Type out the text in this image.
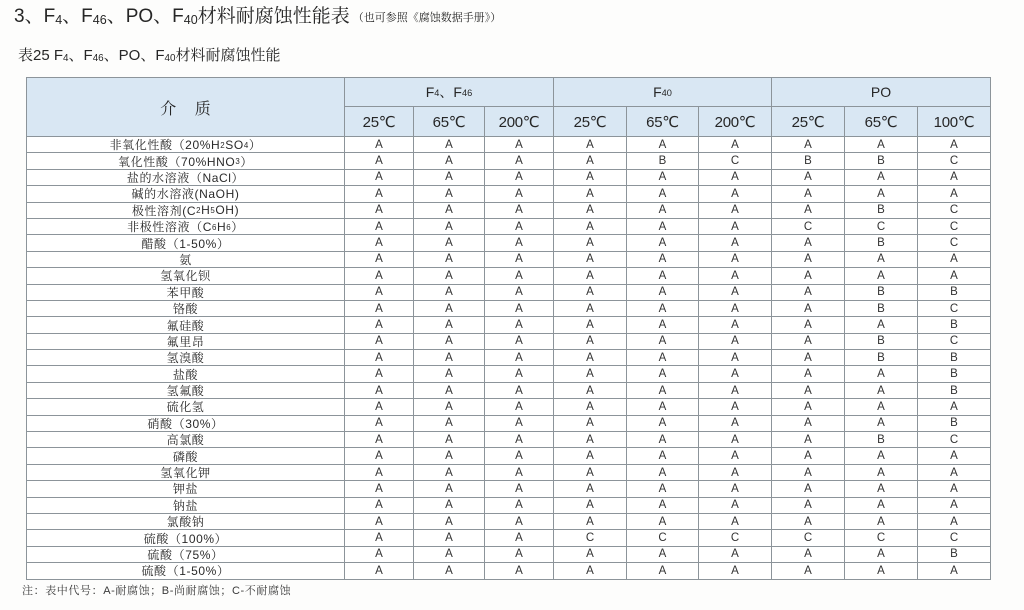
3、$F_4$、$F_{46}$、PO、$F_{40}$材料耐腐蚀性能表 （也可参照《腐蚀数据手册》）
表25 $F_4$、$F_{46}$、PO、$F_{40}$材料耐腐蚀性能
介 质
$F_4$ 、$F_{46}$	$F_{40}$	PO
25℃	65℃	200℃	25℃	65℃	200℃	25℃	65℃	100℃
非氧化性酸（$20\%H_2$ $SO_4$ ）	A	A	A	A	A	A	A	A	A
氧化性酸（$70\%HNO_3$ ）	A	A	A	A	B	C	B	B	C
盐的水溶液（NaCl）	A	A	A	A	A	A	A	A	A
碱的水溶液(NaOH)	A	A	A	A	A	A	A	A	A
极性溶剂($C_2$ $H_5$ OH)	A	A	A	A	A	A	A	B	C
非极性溶液（$C_6$ $H_6$ ）	A	A	A	A	A	A	C	C	C
醋酸（1-50%）	A	A	A	A	A	A	A	B	C
氨	A	A	A	A	A	A	A	A	A
氢氧化钡	A	A	A	A	A	A	A	A	A
苯甲酸	A	A	A	A	A	A	A	B	B
铬酸	A	A	A	A	A	A	A	B	C
氟硅酸	A	A	A	A	A	A	A	A	B
氟里昂	A	A	A	A	A	A	A	B	C
氢溴酸	A	A	A	A	A	A	A	B	B
盐酸	A	A	A	A	A	A	A	A	B
氢氟酸	A	A	A	A	A	A	A	A	B
硫化氢	A	A	A	A	A	A	A	A	A
硝酸（30%）	A	A	A	A	A	A	A	A	B
高氯酸	A	A	A	A	A	A	A	B	C
磷酸	A	A	A	A	A	A	A	A	A
氢氧化钾	A	A	A	A	A	A	A	A	A
钾盐	A	A	A	A	A	A	A	A	A
钠盐	A	A	A	A	A	A	A	A	A
氯酸钠	A	A	A	A	A	A	A	A	A
硫酸（100%）	A	A	A	C	C	C	C	C	C
硫酸（75%）	A	A	A	A	A	A	A	A	B
硫酸（1-50%）	A	A	A	A	A	A	A	A	A
注：表中代号：A-耐腐蚀；B-尚耐腐蚀；C-不耐腐蚀
